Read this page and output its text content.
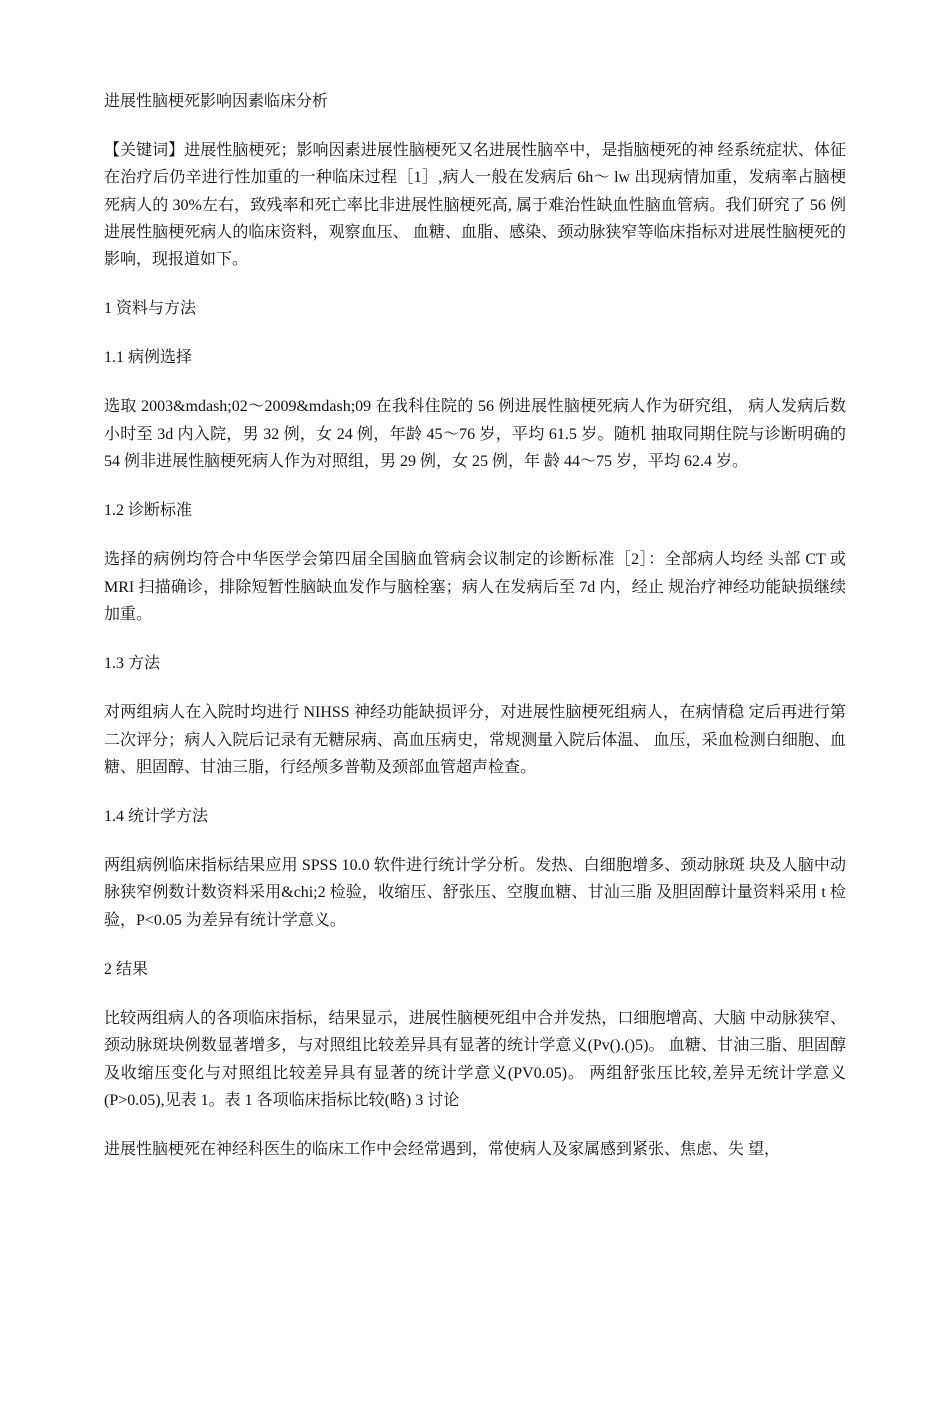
进展性脑梗死影响因素临床分析

【关键词】进展性脑梗死；影响因素进展性脑梗死又名进展性脑卒中，是指脑梗死的神 经系统症状、体征在治疗后仍辛进行性加重的一种临床过程［1］,病人一般在发病后 6h〜 lw 出现病情加重，发病率占脑梗死病人的 30%左右，致残率和死亡率比非进展性脑梗死高, 属于难治性缺血性脑血管病。我们研究了 56 例进展性脑梗死病人的临床资料，观察血压、 血糖、血脂、感染、颈动脉狭窄等临床指标对进展性脑梗死的影响，现报道如下。

1 资料与方法

1.1 病例选择

选取 2003&mdash;02〜2009&mdash;09 在我科住院的 56 例进展性脑梗死病人作为研究组， 病人发病后数小时至 3d 内入院，男 32 例，女 24 例，年龄 45〜76 岁，平均 61.5 岁。随机 抽取同期住院与诊断明确的 54 例非进展性脑梗死病人作为对照组，男 29 例，女 25 例，年 龄 44〜75 岁，平均 62.4 岁。

1.2 诊断标准

选择的病例均符合中华医学会第四届全国脑血管病会议制定的诊断标准［2］：全部病人均经 头部 CT 或 MRI 扫描确诊，排除短暂性脑缺血发作与脑栓塞；病人在发病后至 7d 内，经止 规治疗神经功能缺损继续加重。

1.3 方法

对两组病人在入院时均进行 NIHSS 神经功能缺损评分，对进展性脑梗死组病人，在病情稳 定后再进行第二次评分；病人入院后记录有无糖尿病、高血压病史，常规测量入院后体温、 血压，采血检测白细胞、血糖、胆固醇、甘油三脂，行经颅多普勒及颈部血管超声检查。

1.4 统计学方法

两组病例临床指标结果应用 SPSS 10.0 软件进行统计学分析。发热、白细胞增多、颈动脉斑 块及人脑中动脉狭窄例数计数资料采用&chi;2 检验，收缩压、舒张压、空腹血糖、甘汕三脂 及胆固醇计量资料采用 t 检验，P<0.05 为差异有统计学意义。

2 结果

比较两组病人的各项临床指标，结果显示，进展性脑梗死组中合并发热，口细胞增高、大脑 中动脉狭窄、颈动脉斑块例数显著增多，与对照组比较差异具有显著的统计学意义(Pv().()5)。 血糖、甘油三脂、胆固醇及收缩压变化与对照组比较差异具有显著的统计学意义(PV0.05)。 两组舒张压比较,差异无统计学意义(P>0.05),见表 1。表 1 各项临床指标比较(略) 3 讨论

进展性脑梗死在神经科医生的临床工作中会经常遇到，常使病人及家属感到紧张、焦虑、失 望，
